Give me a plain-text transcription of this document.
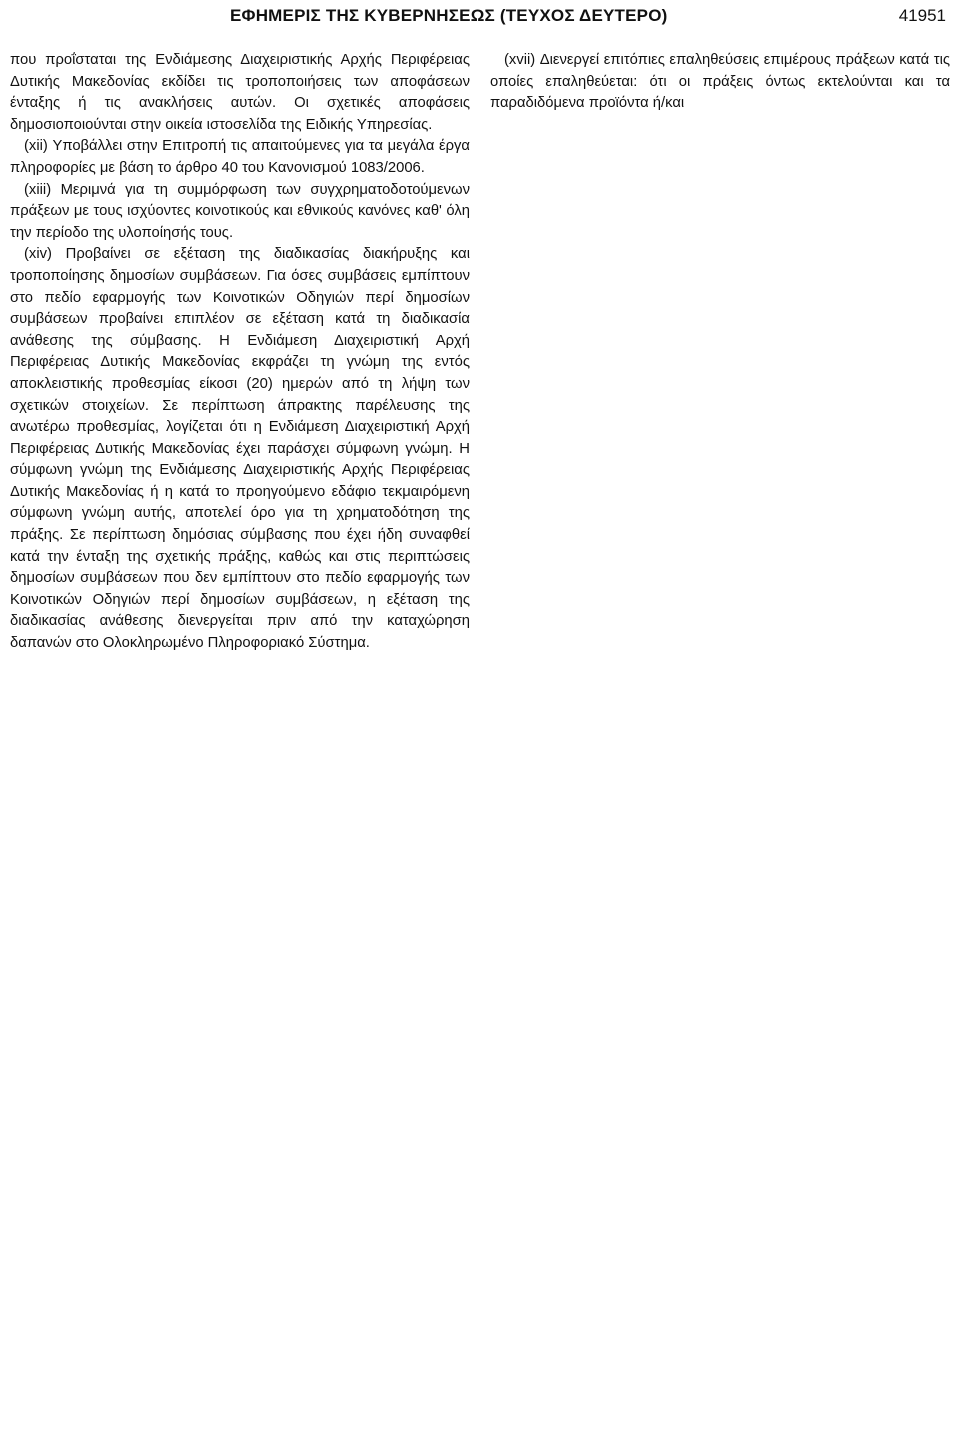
ΕΦΗΜΕΡΙΣ ΤΗΣ ΚΥΒΕΡΝΗΣΕΩΣ (ΤΕΥΧΟΣ ΔΕΥΤΕΡΟ)	41951

που προΐσταται της Ενδιάμεσης Διαχειριστικής Αρχής Περιφέρειας Δυτικής Μακεδονίας εκδίδει τις τροποποιήσεις των αποφάσεων ένταξης ή τις ανακλήσεις αυτών. Οι σχετικές αποφάσεις δημοσιοποιούνται στην οικεία ιστοσελίδα της Ειδικής Υπηρεσίας.

(xii) Υποβάλλει στην Επιτροπή τις απαιτούμενες για τα μεγάλα έργα πληροφορίες με βάση το άρθρο 40 του Κανονισμού 1083/2006.

(xiii) Μεριμνά για τη συμμόρφωση των συγχρηματοδοτούμενων πράξεων με τους ισχύοντες κοινοτικούς και εθνικούς κανόνες καθ' όλη την περίοδο της υλοποίησής τους.

(xiv) Προβαίνει σε εξέταση της διαδικασίας διακήρυξης και τροποποίησης δημοσίων συμβάσεων. Για όσες συμβάσεις εμπίπτουν στο πεδίο εφαρμογής των Κοινοτικών Οδηγιών περί δημοσίων συμβάσεων προβαίνει επιπλέον σε εξέταση κατά τη διαδικασία ανάθεσης της σύμβασης. Η Ενδιάμεση Διαχειριστική Αρχή Περιφέρειας Δυτικής Μακεδονίας εκφράζει τη γνώμη της εντός αποκλειστικής προθεσμίας είκοσι (20) ημερών από τη λήψη των σχετικών στοιχείων. Σε περίπτωση άπρακτης παρέλευσης της ανωτέρω προθεσμίας, λογίζεται ότι η Ενδιάμεση Διαχειριστική Αρχή Περιφέρειας Δυτικής Μακεδονίας έχει παράσχει σύμφωνη γνώμη. Η σύμφωνη γνώμη της Ενδιάμεσης Διαχειριστικής Αρχής Περιφέρειας Δυτικής Μακεδονίας ή η κατά το προηγούμενο εδάφιο τεκμαιρόμενη σύμφωνη γνώμη αυτής, αποτελεί όρο για τη χρηματοδότηση της πράξης. Σε περίπτωση δημόσιας σύμβασης που έχει ήδη συναφθεί κατά την ένταξη της σχετικής πράξης, καθώς και στις περιπτώσεις δημοσίων συμβάσεων που δεν εμπίπτουν στο πεδίο εφαρμογής των Κοινοτικών Οδηγιών περί δημοσίων συμβάσεων, η εξέταση της διαδικασίας ανάθεσης διενεργείται πριν από την καταχώρηση δαπανών στο Ολοκληρωμένο Πληροφοριακό Σύστημα.

(xvii) Διενεργεί επιτόπιες επαληθεύσεις επιμέρους πράξεων κατά τις οποίες επαληθεύεται: ότι οι πράξεις όντως εκτελούνται και τα παραδιδόμενα προϊόντα ή/και
